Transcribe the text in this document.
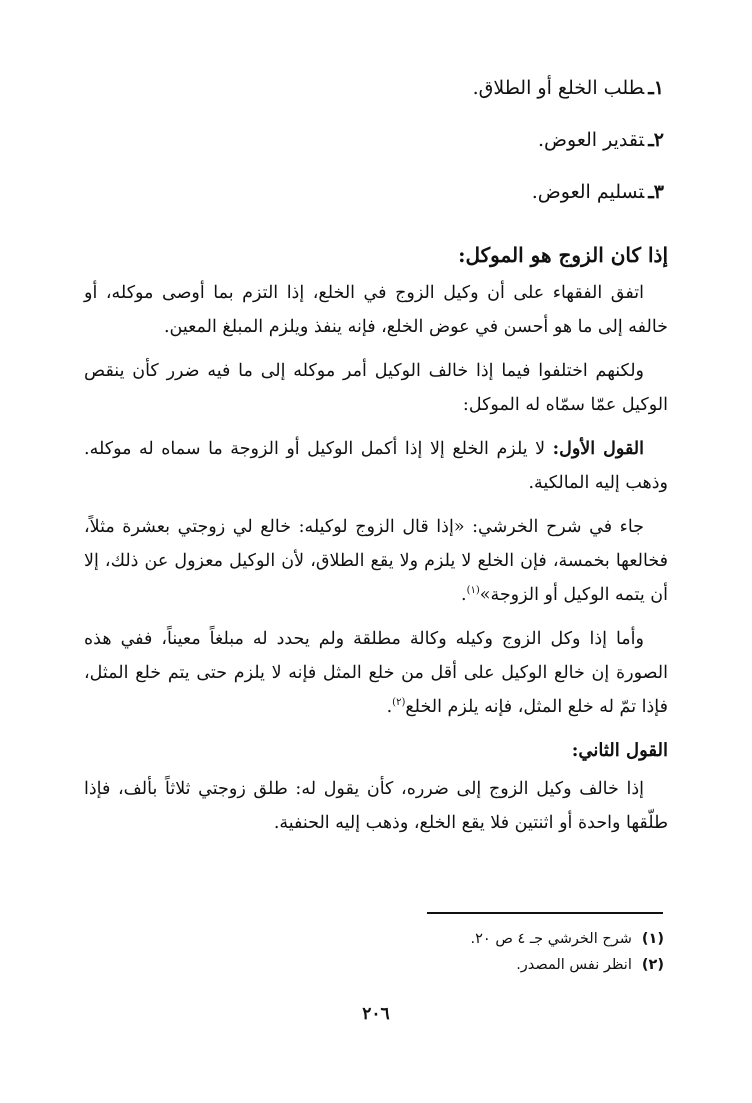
١ـطلب الخلع أو الطلاق.
٢ـتقدير العوض.
٣ـتسليم العوض.
إذا كان الزوج هو الموكل:

اتفق الفقهاء على أن وكيل الزوج في الخلع، إذا التزم بما أوصى موكله، أو خالفه إلى ما هو أحسن في عوض الخلع، فإنه ينفذ ويلزم المبلغ المعين.

ولكنهم اختلفوا فيما إذا خالف الوكيل أمر موكله إلى ما فيه ضرر كأن ينقص الوكيل عمّا سمّاه له الموكل:

القول الأول: لا يلزم الخلع إلا إذا أكمل الوكيل أو الزوجة ما سماه له موكله. وذهب إليه المالكية.

جاء في شرح الخرشي: «إذا قال الزوج لوكيله: خالع لي زوجتي بعشرة مثلاً، فخالعها بخمسة، فإن الخلع لا يلزم ولا يقع الطلاق، لأن الوكيل معزول عن ذلك، إلا أن يتمه الوكيل أو الزوجة»$^{(١)}$.

وأما إذا وكل الزوج وكيله وكالة مطلقة ولم يحدد له مبلغاً معيناً، ففي هذه الصورة إن خالع الوكيل على أقل من خلع المثل فإنه لا يلزم حتى يتم خلع المثل، فإذا تمّ له خلع المثل، فإنه يلزم الخلع$^{(٢)}$.

القول الثاني:

إذا خالف وكيل الزوج إلى ضرره، كأن يقول له: طلق زوجتي ثلاثاً بألف، فإذا طلّقها واحدة أو اثنتين فلا يقع الخلع، وذهب إليه الحنفية.

(١)شرح الخرشي جـ ٤ ص ٢٠.
(٢)انظر نفس المصدر.
٢٠٦
